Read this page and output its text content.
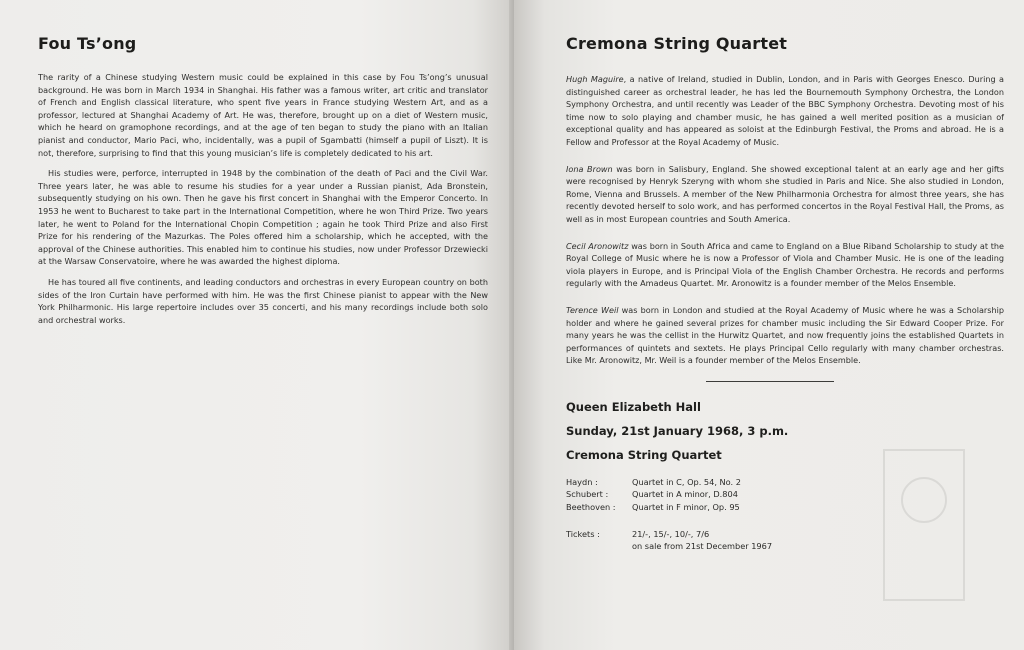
Fou Ts’ong

The rarity of a Chinese studying Western music could be explained in this case by Fou Ts’ong’s unusual background. He was born in March 1934 in Shanghai. His father was a famous writer, art critic and translator of French and English classical literature, who spent five years in France studying Western Art, and as a professor, lectured at Shanghai Academy of Art. He was, therefore, brought up on a diet of Western music, which he heard on gramophone recordings, and at the age of ten began to study the piano with an Italian pianist and conductor, Mario Paci, who, incidentally, was a pupil of Sgambatti (himself a pupil of Liszt). It is not, therefore, surprising to find that this young musician’s life is completely dedicated to his art.

His studies were, perforce, interrupted in 1948 by the combination of the death of Paci and the Civil War. Three years later, he was able to resume his studies for a year under a Russian pianist, Ada Bronstein, subsequently studying on his own. Then he gave his first concert in Shanghai with the Emperor Concerto. In 1953 he went to Bucharest to take part in the International Competition, where he won Third Prize. Two years later, he went to Poland for the International Chopin Competition ; again he took Third Prize and also First Prize for his rendering of the Mazurkas. The Poles offered him a scholarship, which he accepted, with the approval of the Chinese authorities. This enabled him to continue his studies, now under Professor Drzewiecki at the Warsaw Conservatoire, where he was awarded the highest diploma.

He has toured all five continents, and leading conductors and orchestras in every European country on both sides of the Iron Curtain have performed with him. He was the first Chinese pianist to appear with the New York Philharmonic. His large repertoire includes over 35 concerti, and his many recordings include both solo and orchestral works.

Cremona String Quartet

Hugh Maguire, a native of Ireland, studied in Dublin, London, and in Paris with Georges Enesco. During a distinguished career as orchestral leader, he has led the Bournemouth Symphony Orchestra, the London Symphony Orchestra, and until recently was Leader of the BBC Symphony Orchestra. Devoting most of his time now to solo playing and chamber music, he has gained a well merited position as a musician of exceptional quality and has appeared as soloist at the Edinburgh Festival, the Proms and abroad. He is a Fellow and Professor at the Royal Academy of Music.

Iona Brown was born in Salisbury, England. She showed exceptional talent at an early age and her gifts were recognised by Henryk Szeryng with whom she studied in Paris and Nice. She also studied in London, Rome, Vienna and Brussels. A member of the New Philharmonia Orchestra for almost three years, she has recently devoted herself to solo work, and has performed concertos in the Royal Festival Hall, the Proms, as well as in most European countries and South America.

Cecil Aronowitz was born in South Africa and came to England on a Blue Riband Scholarship to study at the Royal College of Music where he is now a Professor of Viola and Chamber Music. He is one of the leading viola players in Europe, and is Principal Viola of the English Chamber Orchestra. He records and performs regularly with the Amadeus Quartet. Mr. Aronowitz is a founder member of the Melos Ensemble.

Terence Weil was born in London and studied at the Royal Academy of Music where he was a Scholarship holder and where he gained several prizes for chamber music including the Sir Edward Cooper Prize. For many years he was the cellist in the Hurwitz Quartet, and now frequently joins the established Quartets in performances of quintets and sextets. He plays Principal Cello regularly with many chamber orchestras. Like Mr. Aronowitz, Mr. Weil is a founder member of the Melos Ensemble.

Queen Elizabeth Hall
Sunday, 21st January 1968, 3 p.m.
Cremona String Quartet
Haydn :	Quartet in C, Op. 54, No. 2
Schubert :	Quartet in A minor, D.804
Beethoven :	Quartet in F minor, Op. 95
Tickets :	21/-, 15/-, 10/-, 7/6
on sale from 21st December 1967
